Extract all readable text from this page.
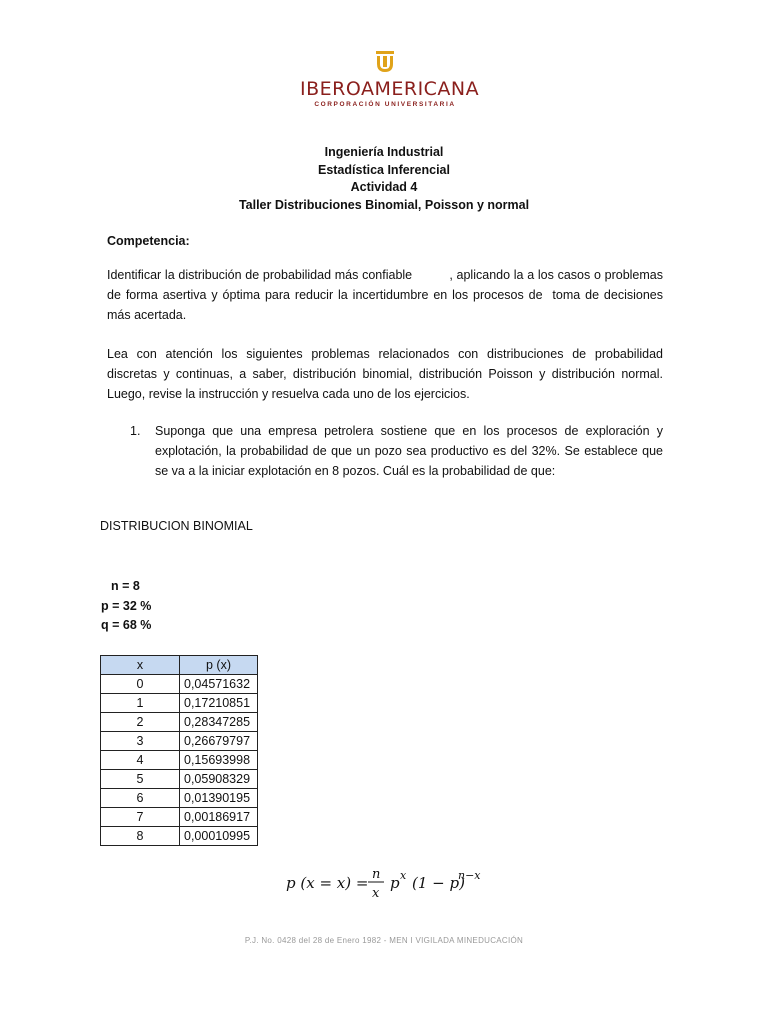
IBEROAMERICANA
CORPORACIÓN UNIVERSITARIA
Ingeniería Industrial
Estadística Inferencial
Actividad 4
Taller Distribuciones Binomial, Poisson y normal
Competencia:
Identificar la distribución de probabilidad más confiable          , aplicando la a los casos o problemas de forma asertiva y óptima para reducir la incertidumbre en los procesos de  toma de decisiones más acertada.
Lea con atención los siguientes problemas relacionados con distribuciones de probabilidad discretas y continuas, a saber, distribución binomial, distribución Poisson y distribución normal. Luego, revise la instrucción y resuelva cada uno de los ejercicios.
1. Suponga que una empresa petrolera sostiene que en los procesos de exploración y explotación, la probabilidad de que un pozo sea productivo es del 32%. Se establece que se va a la iniciar explotación en 8 pozos. Cuál es la probabilidad de que:
DISTRIBUCION BINOMIAL
n = 8
p = 32 %
q = 68 %
x	p (x)
0	0,04571632
1	0,17210851
2	0,28347285
3	0,26679797
4	0,15693998
5	0,05908329
6	0,01390195
7	0,00186917
8	0,00010995
p (x = x) = n
x
p x (1 − p)
n−x
P.J. No. 0428 del 28 de Enero 1982 - MEN I VIGILADA MINEDUCACIÓN
